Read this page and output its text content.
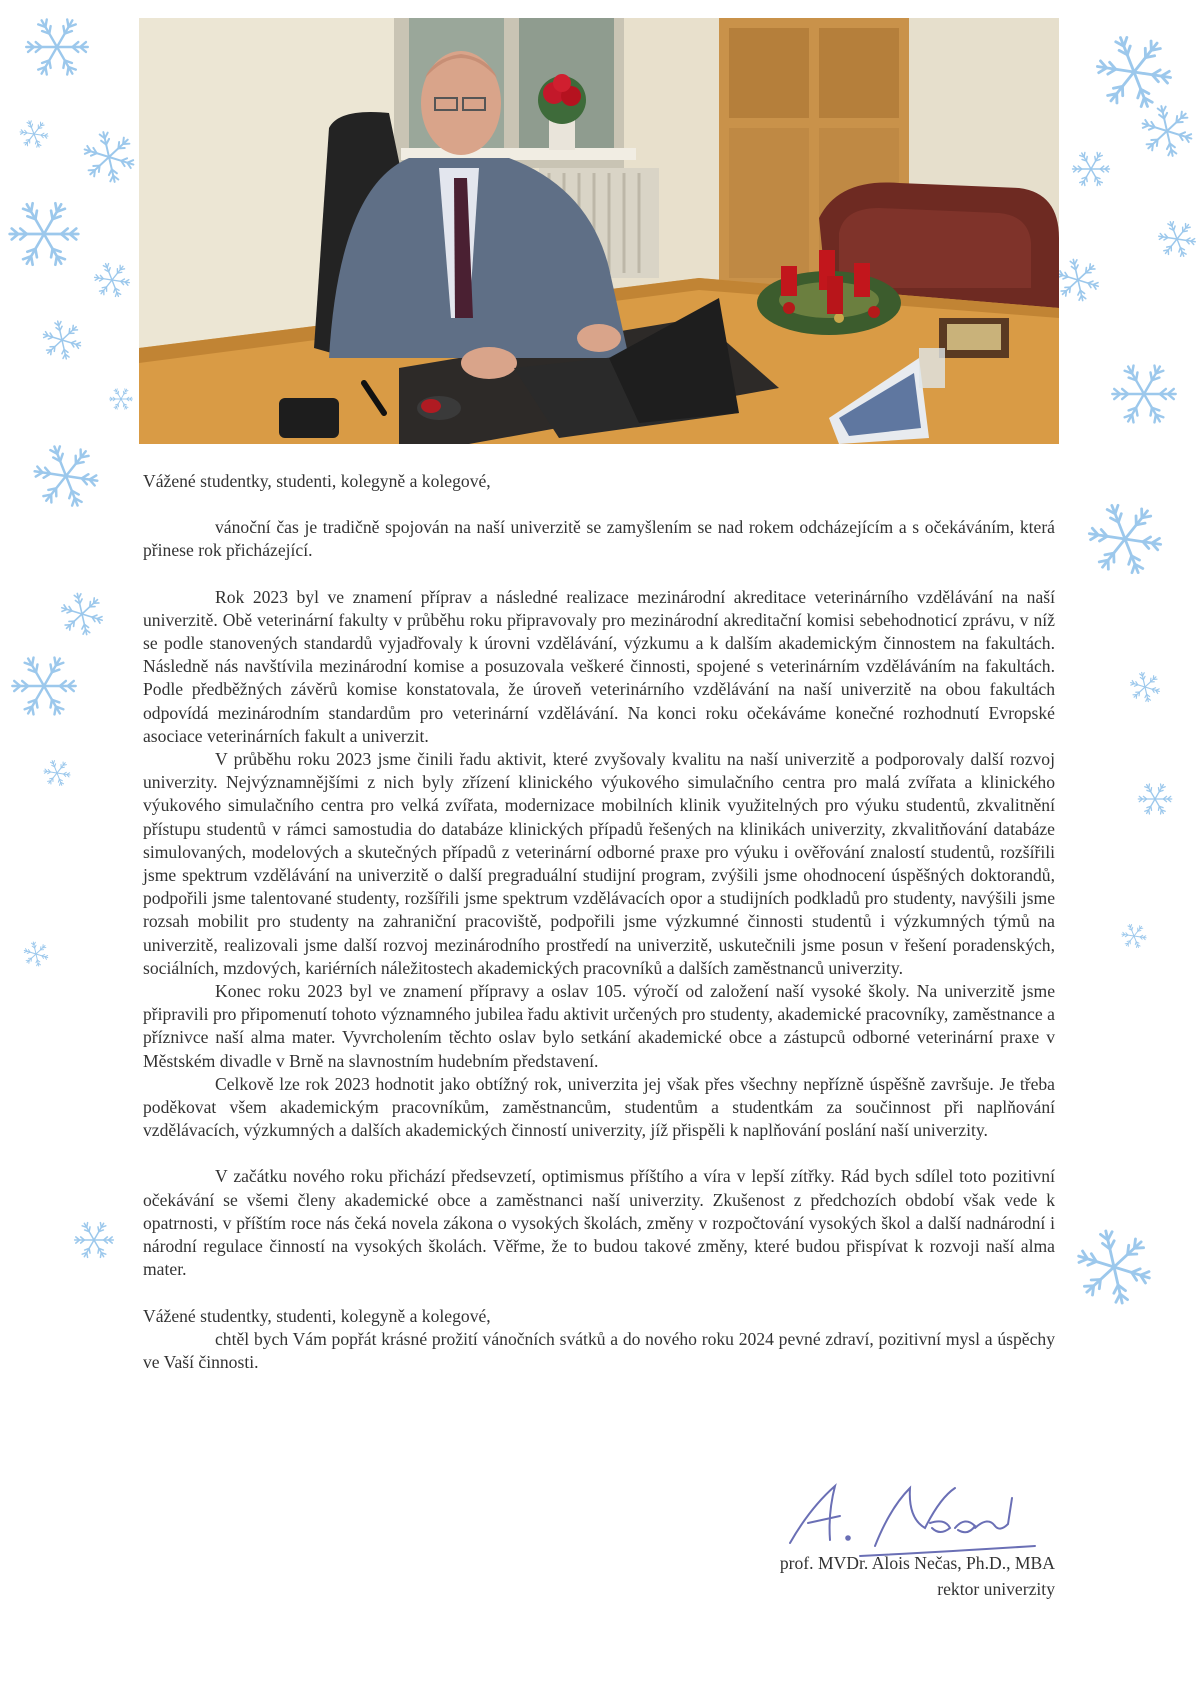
Vážené studentky, studenti, kolegyně a kolegové,

vánoční čas je tradičně spojován na naší univerzitě se zamyšlením se nad rokem odcházejícím a s očekáváním, která přinese rok přicházející.

Rok 2023 byl ve znamení příprav a následné realizace mezinárodní akreditace veterinárního vzdělávání na naší univerzitě. Obě veterinární fakulty v průběhu roku připravovaly pro mezinárodní akreditační komisi sebehodnoticí zprávu, v níž se podle stanovených standardů vyjadřovaly k úrovni vzdělávání, výzkumu a k dalším akademickým činnostem na fakultách. Následně nás navštívila mezinárodní komise a posuzovala veškeré činnosti, spojené s veterinárním vzděláváním na fakultách. Podle předběžných závěrů komise konstatovala, že úroveň veterinárního vzdělávání na naší univerzitě na obou fakultách odpovídá mezinárodním standardům pro veterinární vzdělávání. Na konci roku očekáváme konečné rozhodnutí Evropské asociace veterinárních fakult a univerzit.

V průběhu roku 2023 jsme činili řadu aktivit, které zvyšovaly kvalitu na naší univerzitě a podporovaly další rozvoj univerzity. Nejvýznamnějšími z nich byly zřízení klinického výukového simulačního centra pro malá zvířata a klinického výukového simulačního centra pro velká zvířata, modernizace mobilních klinik využitelných pro výuku studentů, zkvalitnění přístupu studentů v rámci samostudia do databáze klinických případů řešených na klinikách univerzity, zkvalitňování databáze simulovaných, modelových a skutečných případů z veterinární odborné praxe pro výuku i ověřování znalostí studentů, rozšířili jsme spektrum vzdělávání na univerzitě o další pregraduální studijní program, zvýšili jsme ohodnocení úspěšných doktorandů, podpořili jsme talentované studenty, rozšířili jsme spektrum vzdělávacích opor a studijních podkladů pro studenty, navýšili jsme rozsah mobilit pro studenty na zahraniční pracoviště, podpořili jsme výzkumné činnosti studentů i výzkumných týmů na univerzitě, realizovali jsme další rozvoj mezinárodního prostředí na univerzitě, uskutečnili jsme posun v řešení poradenských, sociálních, mzdových, kariérních náležitostech akademických pracovníků a dalších zaměstnanců univerzity.

Konec roku 2023 byl ve znamení přípravy a oslav 105. výročí od založení naší vysoké školy. Na univerzitě jsme připravili pro připomenutí tohoto významného jubilea řadu aktivit určených pro studenty, akademické pracovníky, zaměstnance a příznivce naší alma mater. Vyvrcholením těchto oslav bylo setkání akademické obce a zástupců odborné veterinární praxe v Městském divadle v Brně na slavnostním hudebním představení.

Celkově lze rok 2023 hodnotit jako obtížný rok, univerzita jej však přes všechny nepřízně úspěšně završuje. Je třeba poděkovat všem akademickým pracovníkům, zaměstnancům, studentům a studentkám za součinnost při naplňování vzdělávacích, výzkumných a dalších akademických činností univerzity, jíž přispěli k naplňování poslání naší univerzity.

V začátku nového roku přichází předsevzetí, optimismus příštího a víra v lepší zítřky. Rád bych sdílel toto pozitivní očekávání se všemi členy akademické obce a zaměstnanci naší univerzity. Zkušenost z předchozích období však vede k opatrnosti, v příštím roce nás čeká novela zákona o vysokých školách, změny v rozpočtování vysokých škol a další nadnárodní i národní regulace činností na vysokých školách. Věřme, že to budou takové změny, které budou přispívat k rozvoji naší alma mater.

Vážené studentky, studenti, kolegyně a kolegové,

chtěl bych Vám popřát krásné prožití vánočních svátků a do nového roku 2024 pevné zdraví, pozitivní mysl a úspěchy ve Vaší činnosti.

prof. MVDr. Alois Nečas, Ph.D., MBA
rektor univerzity
